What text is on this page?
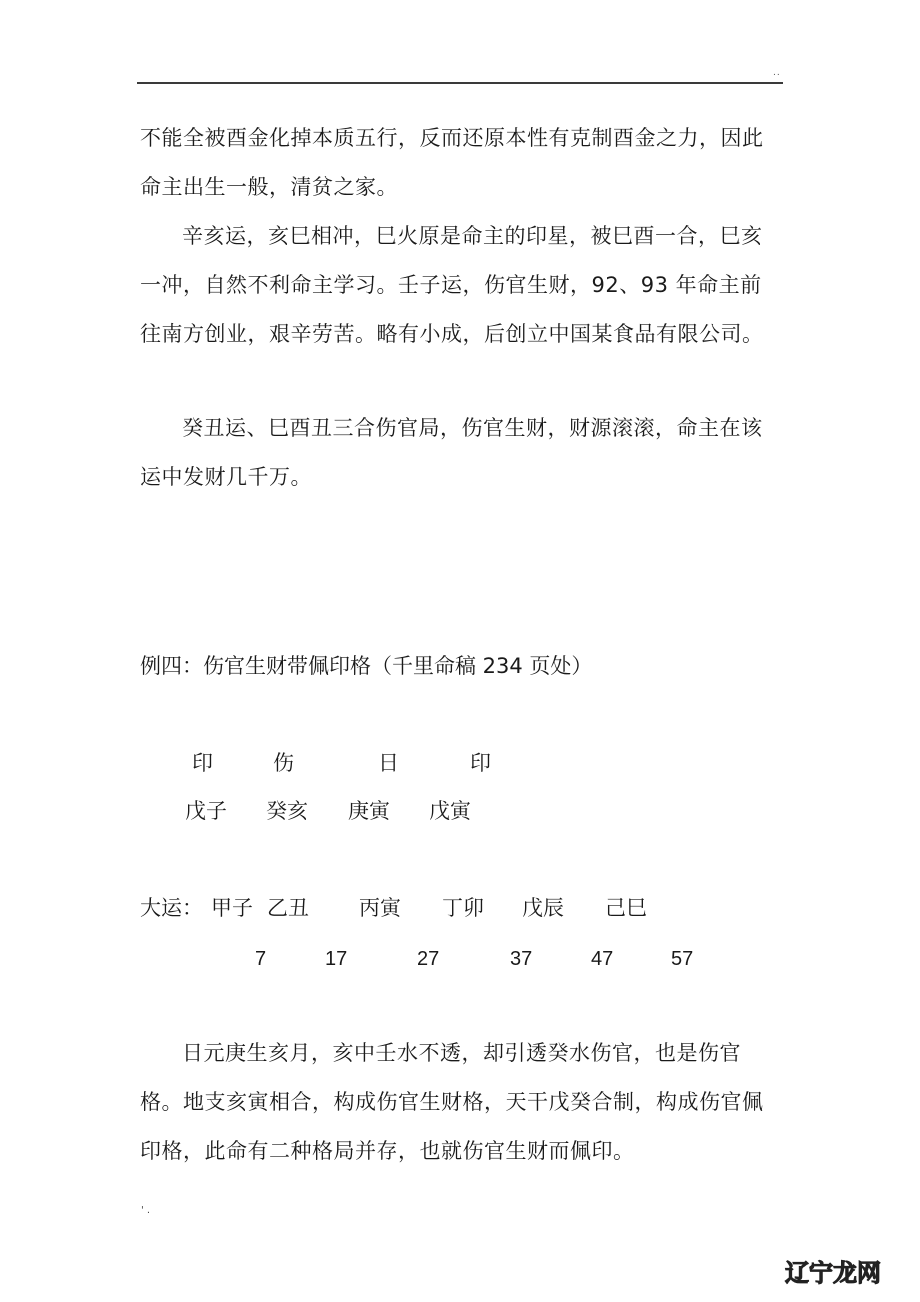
..

不能全被酉金化掉本质五行，反而还原本性有克制酉金之力，因此命主出生一般，清贫之家。

辛亥运，亥巳相冲，巳火原是命主的印星，被巳酉一合，巳亥一冲，自然不利命主学习。壬子运，伤官生财，92、93 年命主前往南方创业，艰辛劳苦。略有小成，后创立中国某食品有限公司。

癸丑运、巳酉丑三合伤官局，伤官生财，财源滚滚，命主在该运中发财几千万。

例四：伤官生财带佩印格（千里命稿 234 页处）
印	伤	日	印
戊子 癸亥 庚寅 戊寅
大运： 甲子 乙丑 丙寅 丁卯 戊辰 己巳
7	17	27	37	47	57

日元庚生亥月，亥中壬水不透，却引透癸水伤官，也是伤官格。地支亥寅相合，构成伤官生财格，天干戊癸合制，构成伤官佩印格，此命有二种格局并存，也就伤官生财而佩印。

' .
辽宁龙网
